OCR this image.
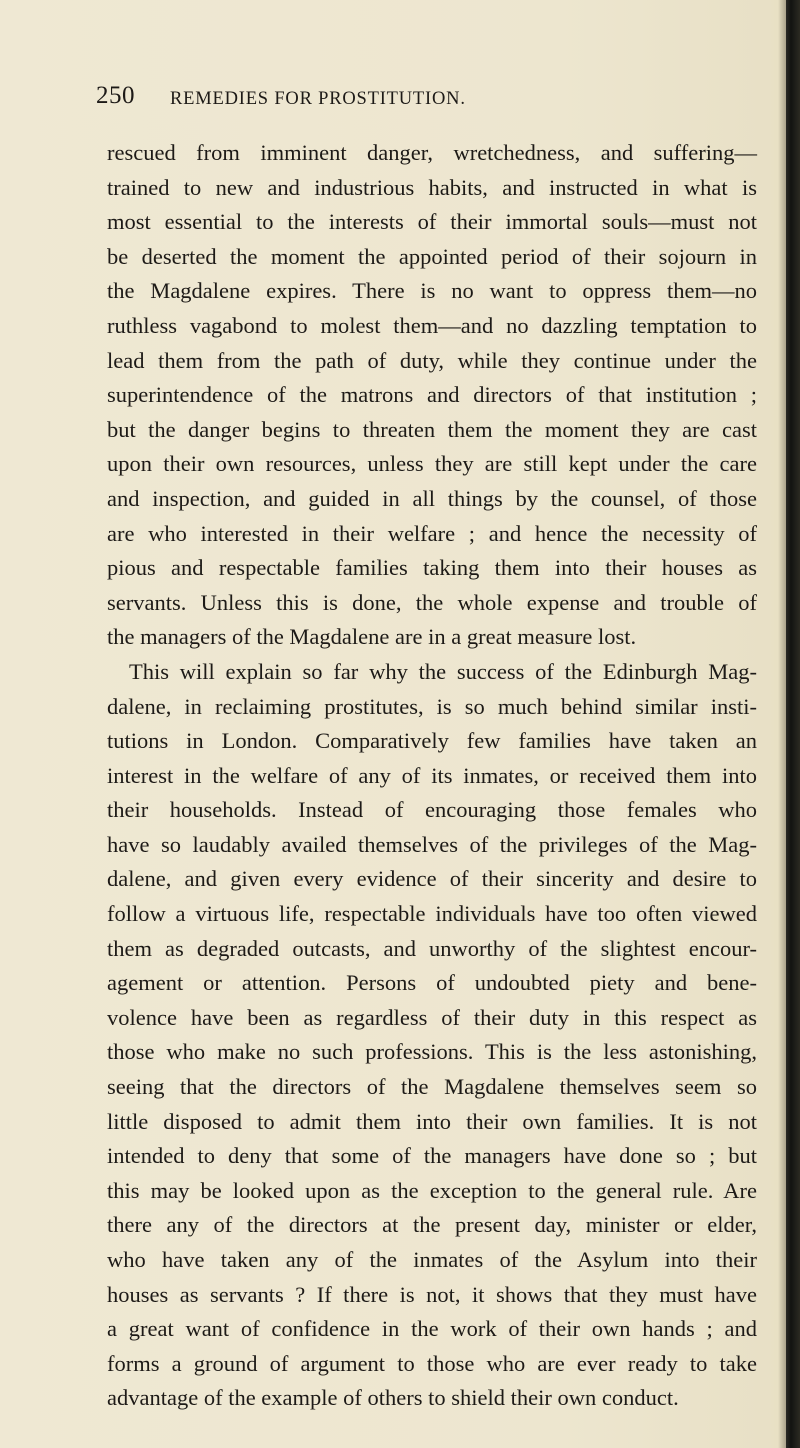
250 REMEDIES FOR PROSTITUTION.
rescued from imminent danger, wretchedness, and suffering—
trained to new and industrious habits, and instructed in what is
most essential to the interests of their immortal souls—must not
be deserted the moment the appointed period of their sojourn in
the Magdalene expires. There is no want to oppress them—no
ruthless vagabond to molest them—and no dazzling temptation to
lead them from the path of duty, while they continue under the
superintendence of the matrons and directors of that institution ;
but the danger begins to threaten them the moment they are cast
upon their own resources, unless they are still kept under the care
and inspection, and guided in all things by the counsel, of those
are who interested in their welfare ; and hence the necessity of
pious and respectable families taking them into their houses as
servants. Unless this is done, the whole expense and trouble of
the managers of the Magdalene are in a great measure lost.
This will explain so far why the success of the Edinburgh Mag-
dalene, in reclaiming prostitutes, is so much behind similar insti-
tutions in London. Comparatively few families have taken an
interest in the welfare of any of its inmates, or received them into
their households. Instead of encouraging those females who
have so laudably availed themselves of the privileges of the Mag-
dalene, and given every evidence of their sincerity and desire to
follow a virtuous life, respectable individuals have too often viewed
them as degraded outcasts, and unworthy of the slightest encour-
agement or attention. Persons of undoubted piety and bene-
volence have been as regardless of their duty in this respect as
those who make no such professions. This is the less astonishing,
seeing that the directors of the Magdalene themselves seem so
little disposed to admit them into their own families. It is not
intended to deny that some of the managers have done so ; but
this may be looked upon as the exception to the general rule. Are
there any of the directors at the present day, minister or elder,
who have taken any of the inmates of the Asylum into their
houses as servants ? If there is not, it shows that they must have
a great want of confidence in the work of their own hands ; and
forms a ground of argument to those who are ever ready to take
advantage of the example of others to shield their own conduct.
